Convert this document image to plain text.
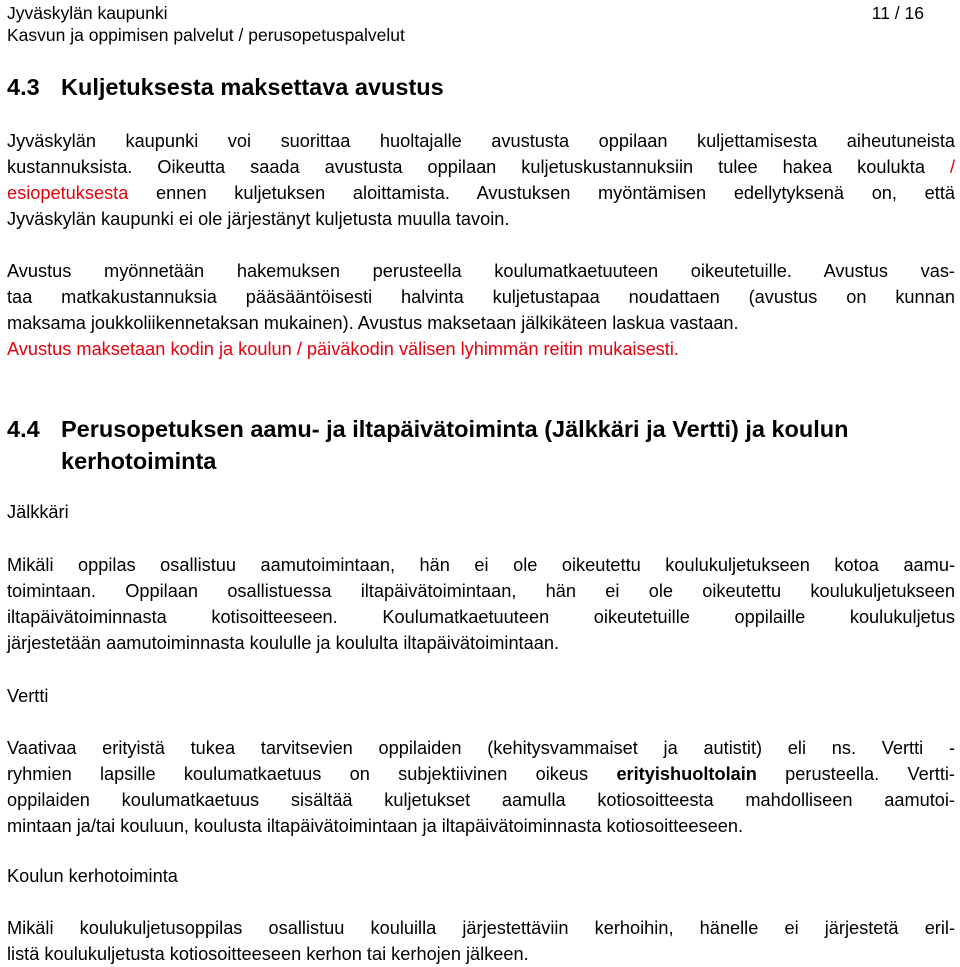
Jyväskylän kaupunki
Kasvun ja oppimisen palvelut / perusopetuspalvelut
11 / 16
4.3 Kuljetuksesta maksettava avustus
Jyväskylän kaupunki voi suorittaa huoltajalle avustusta oppilaan kuljettamisesta aiheutuneista
kustannuksista. Oikeutta saada avustusta oppilaan kuljetuskustannuksiin tulee hakea koulukta /
esiopetuksesta ennen kuljetuksen aloittamista. Avustuksen myöntämisen edellytyksenä on, että
Jyväskylän kaupunki ei ole järjestänyt kuljetusta muulla tavoin.
Avustus myönnetään hakemuksen perusteella koulumatkaetuuteen oikeutetuille. Avustus vas-
taa matkakustannuksia pääsääntöisesti halvinta kuljetustapaa noudattaen (avustus on kunnan
maksama joukkoliikennetaksan mukainen). Avustus maksetaan jälkikäteen laskua vastaan.
Avustus maksetaan kodin ja koulun / päiväkodin välisen lyhimmän reitin mukaisesti.
4.4 Perusopetuksen aamu- ja iltapäivätoiminta (Jälkkäri ja Vertti) ja koulun
kerhotoiminta
Jälkkäri
Mikäli oppilas osallistuu aamutoimintaan, hän ei ole oikeutettu koulukuljetukseen kotoa aamu-
toimintaan. Oppilaan osallistuessa iltapäivätoimintaan, hän ei ole oikeutettu koulukuljetukseen
iltapäivätoiminnasta kotisoitteeseen. Koulumatkaetuuteen oikeutetuille oppilaille koulukuljetus
järjestetään aamutoiminnasta koululle ja koululta iltapäivätoimintaan.
Vertti
Vaativaa erityistä tukea tarvitsevien oppilaiden (kehitysvammaiset ja autistit) eli ns. Vertti -
ryhmien lapsille koulumatkaetuus on subjektiivinen oikeus erityishuoltolain perusteella. Vertti-
oppilaiden koulumatkaetuus sisältää kuljetukset aamulla kotiosoitteesta mahdolliseen aamutoi-
mintaan ja/tai kouluun, koulusta iltapäivätoimintaan ja iltapäivätoiminnasta kotiosoitteeseen.
Koulun kerhotoiminta
Mikäli koulukuljetusoppilas osallistuu kouluilla järjestettäviin kerhoihin, hänelle ei järjestetä eril-
listä koulukuljetusta kotiosoitteeseen kerhon tai kerhojen jälkeen.
